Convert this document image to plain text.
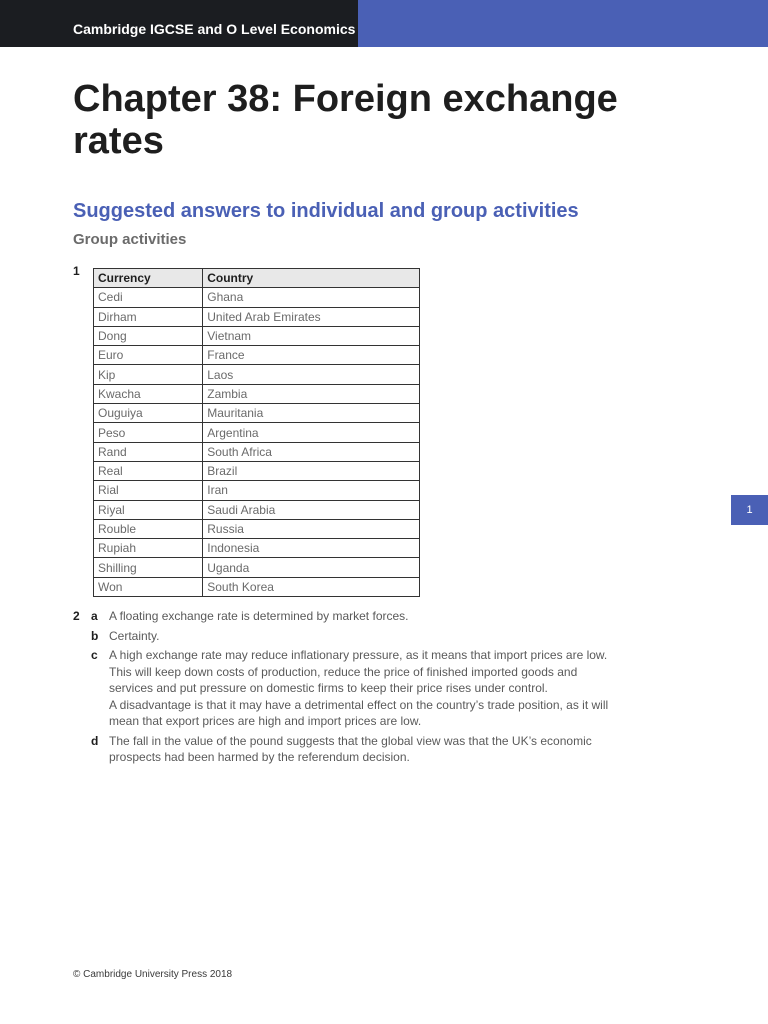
Cambridge IGCSE and O Level Economics
Chapter 38: Foreign exchange rates
Suggested answers to individual and group activities
Group activities
1
Currency	Country
Cedi	Ghana
Dirham	United Arab Emirates
Dong	Vietnam
Euro	France
Kip	Laos
Kwacha	Zambia
Ouguiya	Mauritania
Peso	Argentina
Rand	South Africa
Real	Brazil
Rial	Iran
Riyal	Saudi Arabia
Rouble	Russia
Rupiah	Indonesia
Shilling	Uganda
Won	South Korea
2 a A floating exchange rate is determined by market forces.

b Certainty.

c A high exchange rate may reduce inflationary pressure, as it means that import prices are low. This will keep down costs of production, reduce the price of finished imported goods and services and put pressure on domestic firms to keep their price rises under control.

A disadvantage is that it may have a detrimental effect on the country’s trade position, as it will mean that export prices are high and import prices are low.

d The fall in the value of the pound suggests that the global view was that the UK’s economic prospects had been harmed by the referendum decision.

1
© Cambridge University Press 2018
